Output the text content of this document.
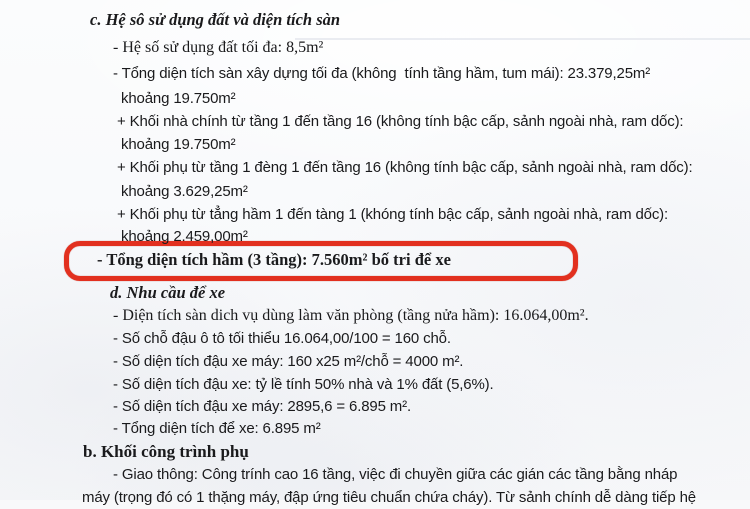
c. Hệ sô sử dụng đất và diện tích sàn
- Hệ số sử dụng đất tối đa: 8,5m²
- Tổng diện tích sàn xây dựng tối đa (không  tính tầng hầm, tum mái): 23.379,25m²
khoảng 19.750m²
+ Khối nhà chính từ tầng 1 đến tầng 16 (không tính bậc cấp, sảnh ngoài nhà, ram dốc):
khoảng 19.750m²
+ Khối phụ từ tầng 1 đèng 1 đến tầng 16 (không tính bậc cấp, sảnh ngoài nhà, ram dốc):
khoảng 3.629,25m²
+ Khối phụ từ tẳng hầm 1 đến tàng 1 (khóng tính bậc cấp, sảnh ngoài nhà, ram dốc):
khoảng 2.459,00m²
- Tổng diện tích hầm (3 tầng): 7.560m² bố tri để xe
d. Nhu cầu để xe
- Diện tích sàn dich vụ dùng làm văn phòng (tầng nửa hầm): 16.064,00m².
- Số chỗ đậu ô tô tối thiểu 16.064,00/100 = 160 chỗ.
- Số diện tích đậu xe máy: 160 x25 m²/chỗ = 4000 m².
- Số diện tích đậu xe: tỷ lề tính 50% nhà và 1% đất (5,6%).
- Số diện tích đậu xe máy: 2895,6 = 6.895 m².
- Tổng diện tích để xe: 6.895 m²
b. Khối công trình phụ
- Giao thông: Công trính cao 16 tầng, việc đi chuyền giữa các gián các tầng bằng nháp
máy (trọng đó có 1 thặng máy, đập ứng tiêu chuẩn chứa cháy). Từ sảnh chính dễ dàng tiếp hệ
